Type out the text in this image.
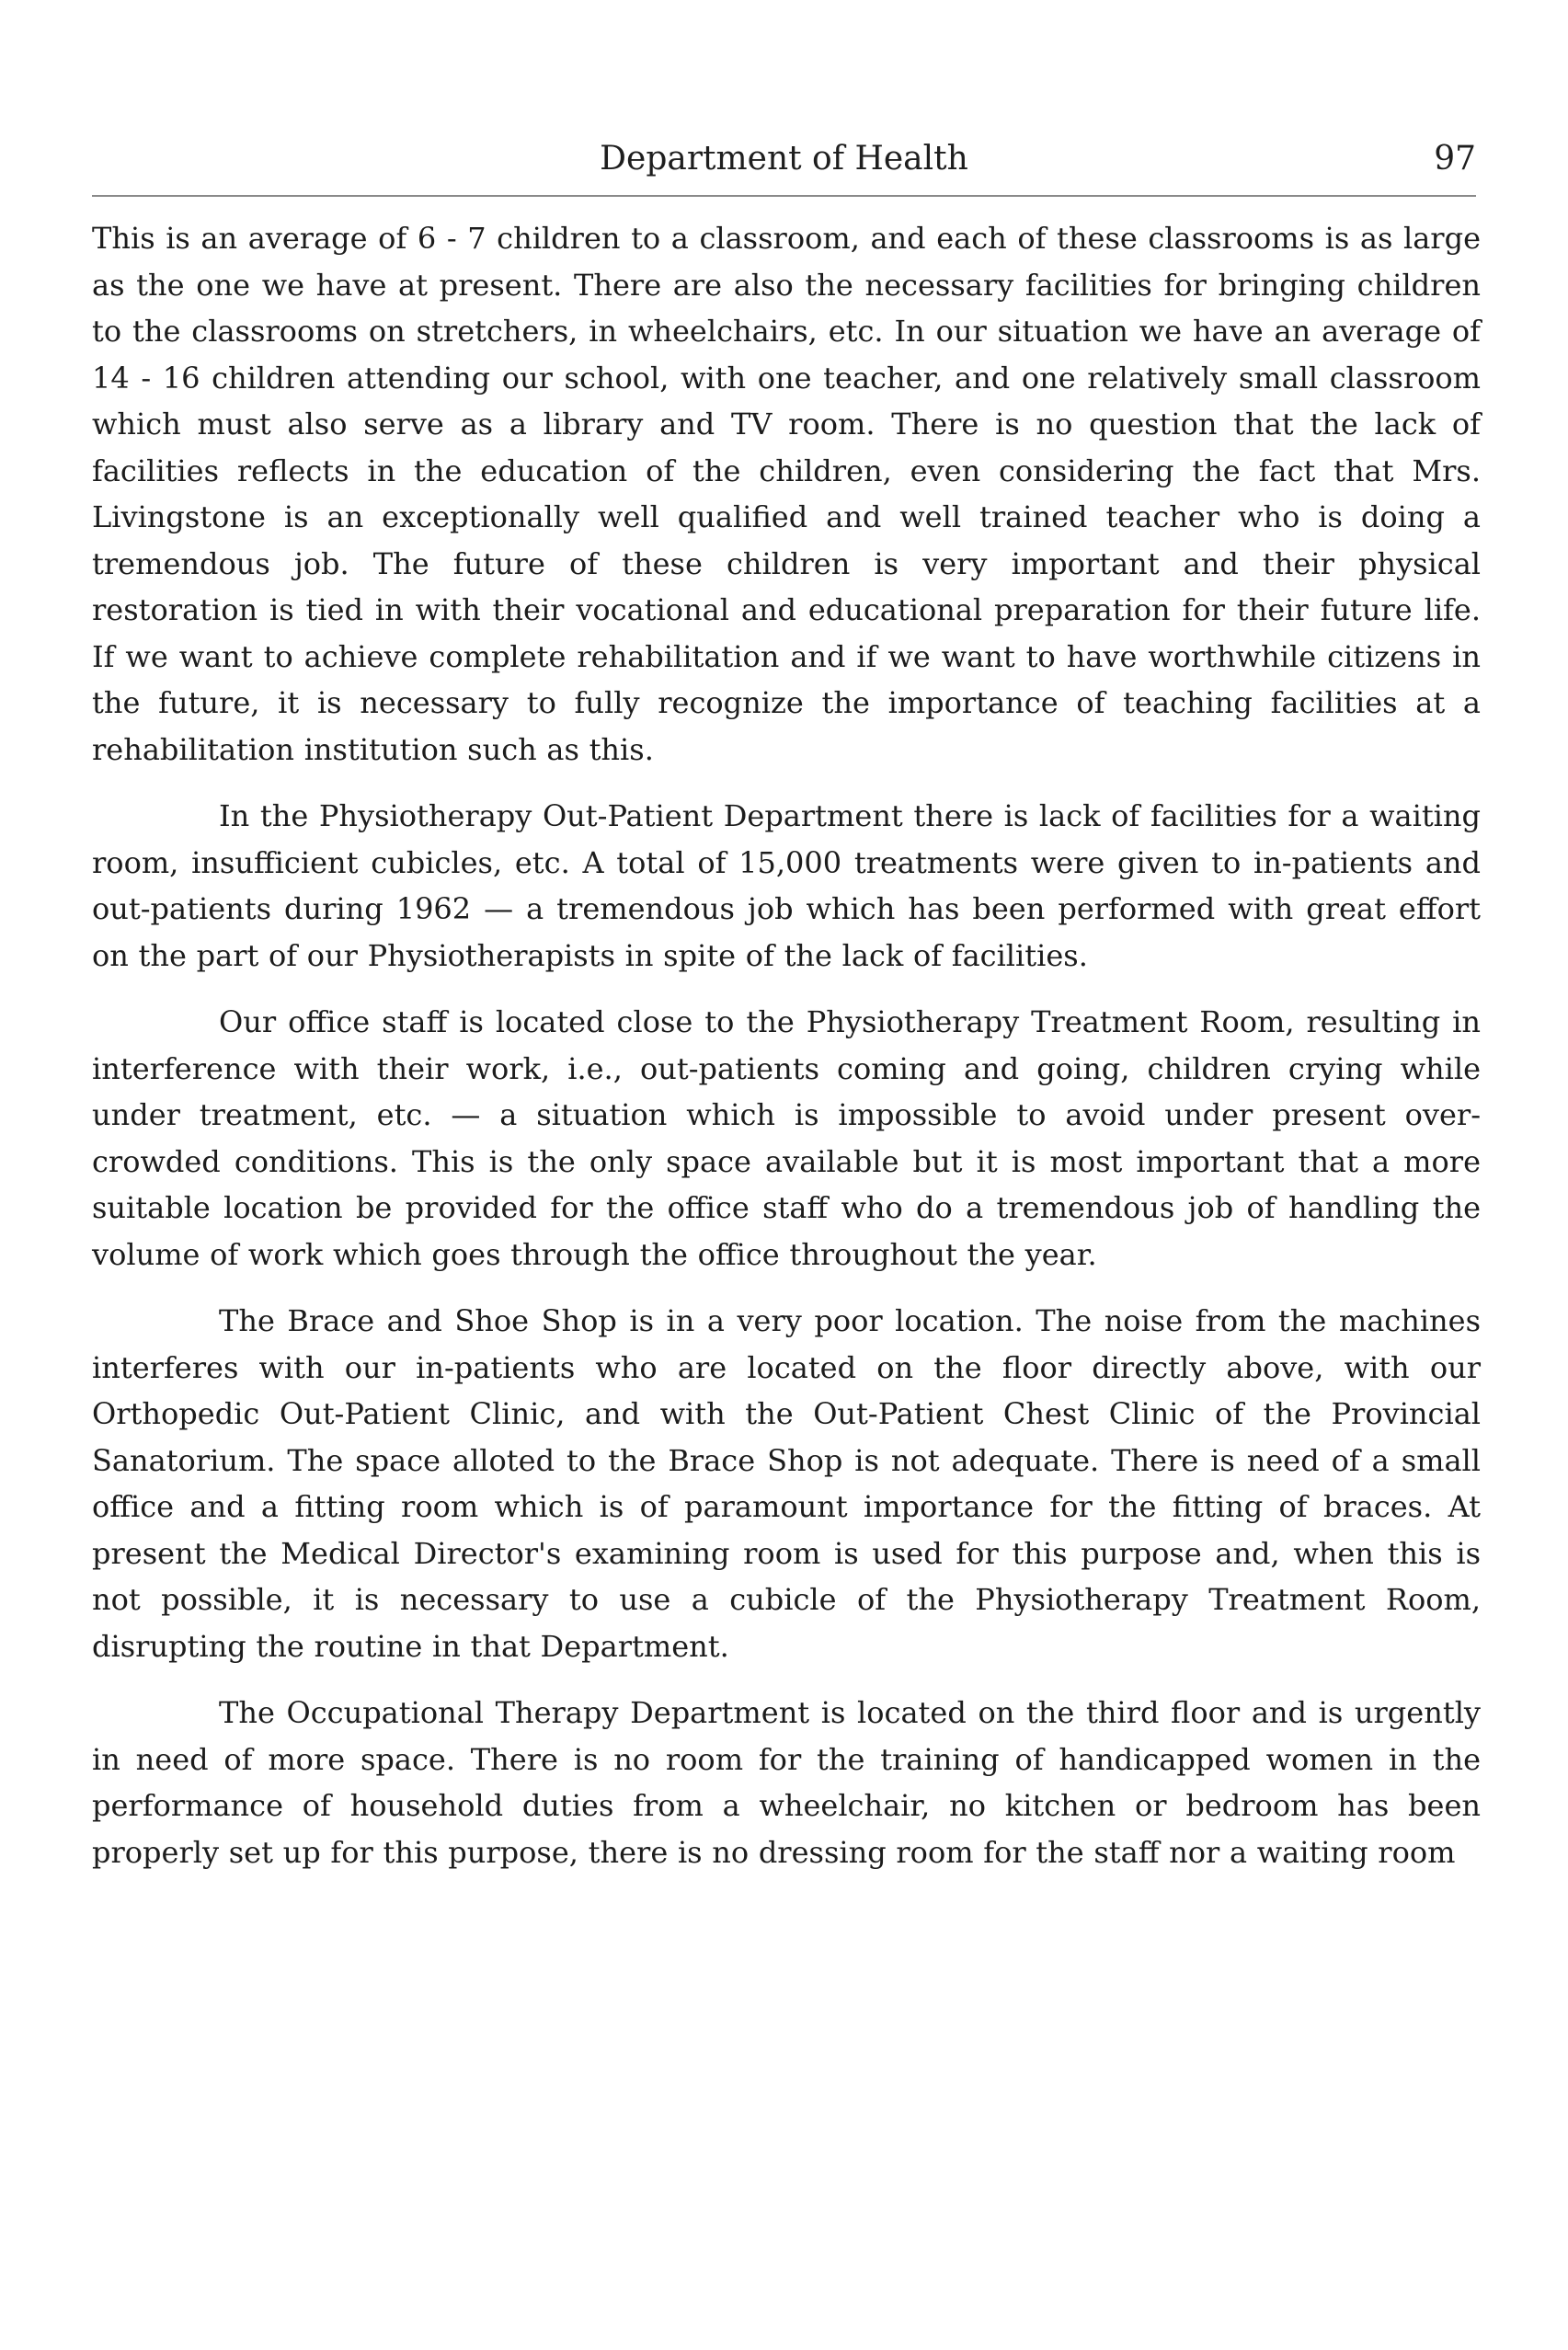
Department of Health	97

This is an average of 6 - 7 children to a classroom, and each of these classrooms is as large as the one we have at present. There are also the necessary facilities for bringing children to the classrooms on stretchers, in wheelchairs, etc. In our situation we have an average of 14 - 16 children attending our school, with one teacher, and one relatively small classroom which must also serve as a library and TV room. There is no question that the lack of facilities reflects in the education of the children, even considering the fact that Mrs. Livingstone is an exceptionally well qualified and well trained teacher who is doing a tremendous job. The future of these children is very important and their physical restoration is tied in with their vocational and educational preparation for their future life. If we want to achieve complete rehabilitation and if we want to have worthwhile citizens in the future, it is necessary to fully recognize the importance of teaching facilities at a rehabilitation institution such as this.

In the Physiotherapy Out-Patient Department there is lack of facilities for a waiting room, insufficient cubicles, etc. A total of 15,000 treatments were given to in-patients and out-patients during 1962 — a tremendous job which has been performed with great effort on the part of our Physiotherapists in spite of the lack of facilities.

Our office staff is located close to the Physiotherapy Treatment Room, resulting in interference with their work, i.e., out-patients coming and going, children crying while under treatment, etc. — a situation which is impossible to avoid under present over-crowded conditions. This is the only space available but it is most important that a more suitable location be provided for the office staff who do a tremendous job of handling the volume of work which goes through the office throughout the year.

The Brace and Shoe Shop is in a very poor location. The noise from the machines interferes with our in-patients who are located on the floor directly above, with our Orthopedic Out-Patient Clinic, and with the Out-Patient Chest Clinic of the Provincial Sanatorium. The space alloted to the Brace Shop is not adequate. There is need of a small office and a fitting room which is of paramount importance for the fitting of braces. At present the Medical Director's examining room is used for this purpose and, when this is not possible, it is necessary to use a cubicle of the Physiotherapy Treatment Room, disrupting the routine in that Department.

The Occupational Therapy Department is located on the third floor and is urgently in need of more space. There is no room for the training of handicapped women in the performance of household duties from a wheelchair, no kitchen or bedroom has been properly set up for this purpose, there is no dressing room for the staff nor a waiting room
